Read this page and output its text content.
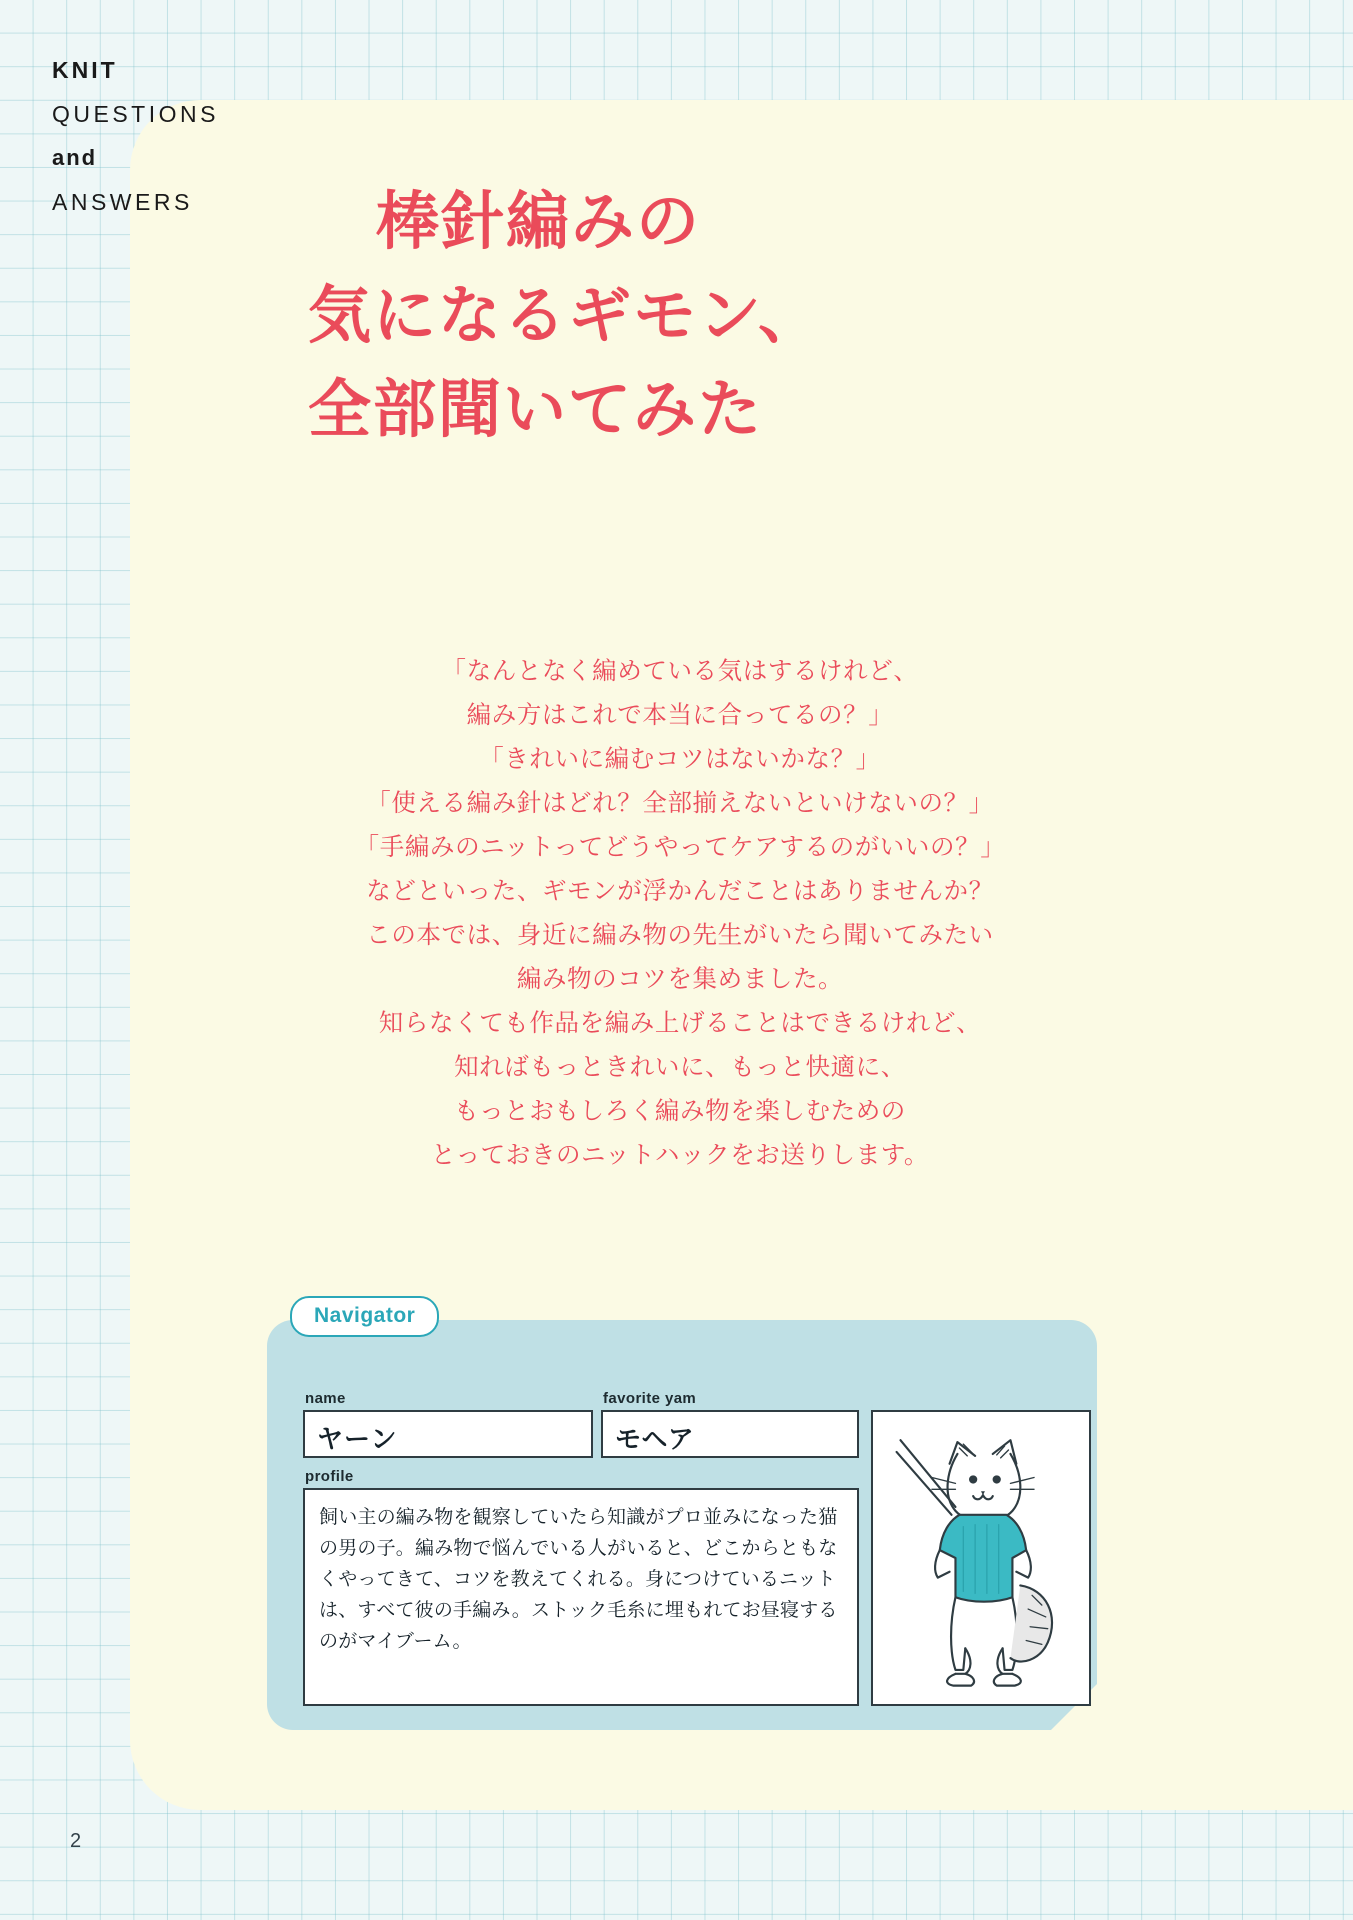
KNIT
QUESTIONS
and
ANSWERS	棒針編みの
気になるギモン、
全部聞いてみた

「なんとなく編めている気はするけれど、

編み方はこれで本当に合ってるの？」

「きれいに編むコツはないかな？」

「使える編み針はどれ？全部揃えないといけないの？」

「手編みのニットってどうやってケアするのがいいの？」

などといった、ギモンが浮かんだことはありませんか？

この本では、身近に編み物の先生がいたら聞いてみたい

編み物のコツを集めました。

知らなくても作品を編み上げることはできるけれど、

知ればもっときれいに、もっと快適に、

もっとおもしろく編み物を楽しむための

とっておきのニットハックをお送りします。

Navigator
name
ヤーン
favorite yam
モヘア
profile
飼い主の編み物を観察していたら知識がプロ並みになった猫の男の子。編み物で悩んでいる人がいると、どこからともなくやってきて、コツを教えてくれる。身につけているニットは、すべて彼の手編み。ストック毛糸に埋もれてお昼寝するのがマイブーム。
2
